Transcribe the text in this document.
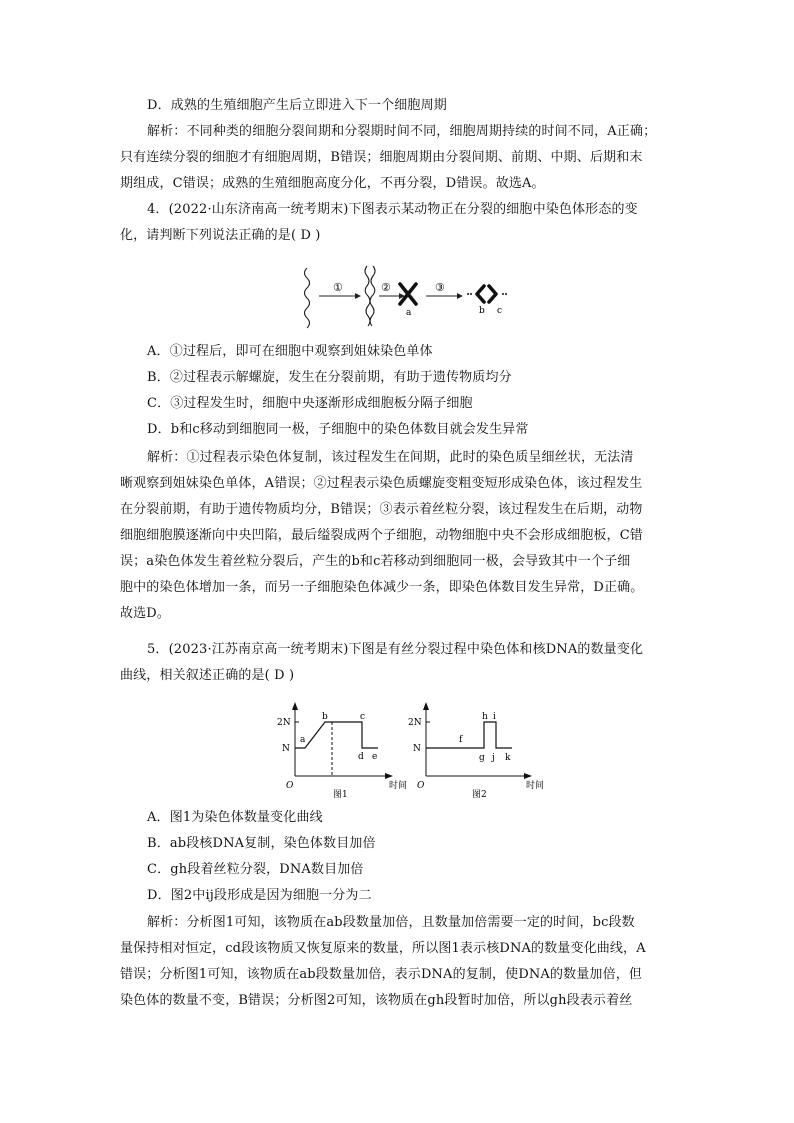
D．成熟的生殖细胞产生后立即进入下一个细胞周期
解析：不同种类的细胞分裂间期和分裂期时间不同，细胞周期持续的时间不同，A正确；
只有连续分裂的细胞才有细胞周期，B错误；细胞周期由分裂间期、前期、中期、后期和末
期组成，C错误；成熟的生殖细胞高度分化，不再分裂，D错误。故选A。
4．(2022·山东济南高一统考期末)下图表示某动物正在分裂的细胞中染色体形态的变
化，请判断下列说法正确的是( D )
①	②
a
③
b c
A．①过程后，即可在细胞中观察到姐妹染色单体
B．②过程表示解螺旋，发生在分裂前期，有助于遗传物质均分
C．③过程发生时，细胞中央逐渐形成细胞板分隔子细胞
D．b和c移动到细胞同一极，子细胞中的染色体数目就会发生异常
解析：①过程表示染色体复制，该过程发生在间期，此时的染色质呈细丝状，无法清
晰观察到姐妹染色单体，A错误；②过程表示染色质螺旋变粗变短形成染色体，该过程发生
在分裂前期，有助于遗传物质均分，B错误；③表示着丝粒分裂，该过程发生在后期，动物
细胞细胞膜逐渐向中央凹陷，最后缢裂成两个子细胞，动物细胞中央不会形成细胞板，C错
误；a染色体发生着丝粒分裂后，产生的b和c若移动到细胞同一极，会导致其中一个子细
胞中的染色体增加一条，而另一子细胞染色体减少一条，即染色体数目发生异常，D正确。
故选D。
5．(2023·江苏南京高一统考期末)下图是有丝分裂过程中染色体和核DNA的数量变化
曲线，相关叙述正确的是( D )
2N
N
O	时间
a
b	c
d e
图1
2N
N
O	时间
f
g
h i
j k
图2
A．图1为染色体数量变化曲线
B．ab段核DNA复制，染色体数目加倍
C．gh段着丝粒分裂，DNA数目加倍
D．图2中ij段形成是因为细胞一分为二
解析：分析图1可知，该物质在ab段数量加倍，且数量加倍需要一定的时间，bc段数
量保持相对恒定，cd段该物质又恢复原来的数量，所以图1表示核DNA的数量变化曲线，A
错误；分析图1可知，该物质在ab段数量加倍，表示DNA的复制，使DNA的数量加倍，但
染色体的数量不变，B错误；分析图2可知，该物质在gh段暂时加倍，所以gh段表示着丝
